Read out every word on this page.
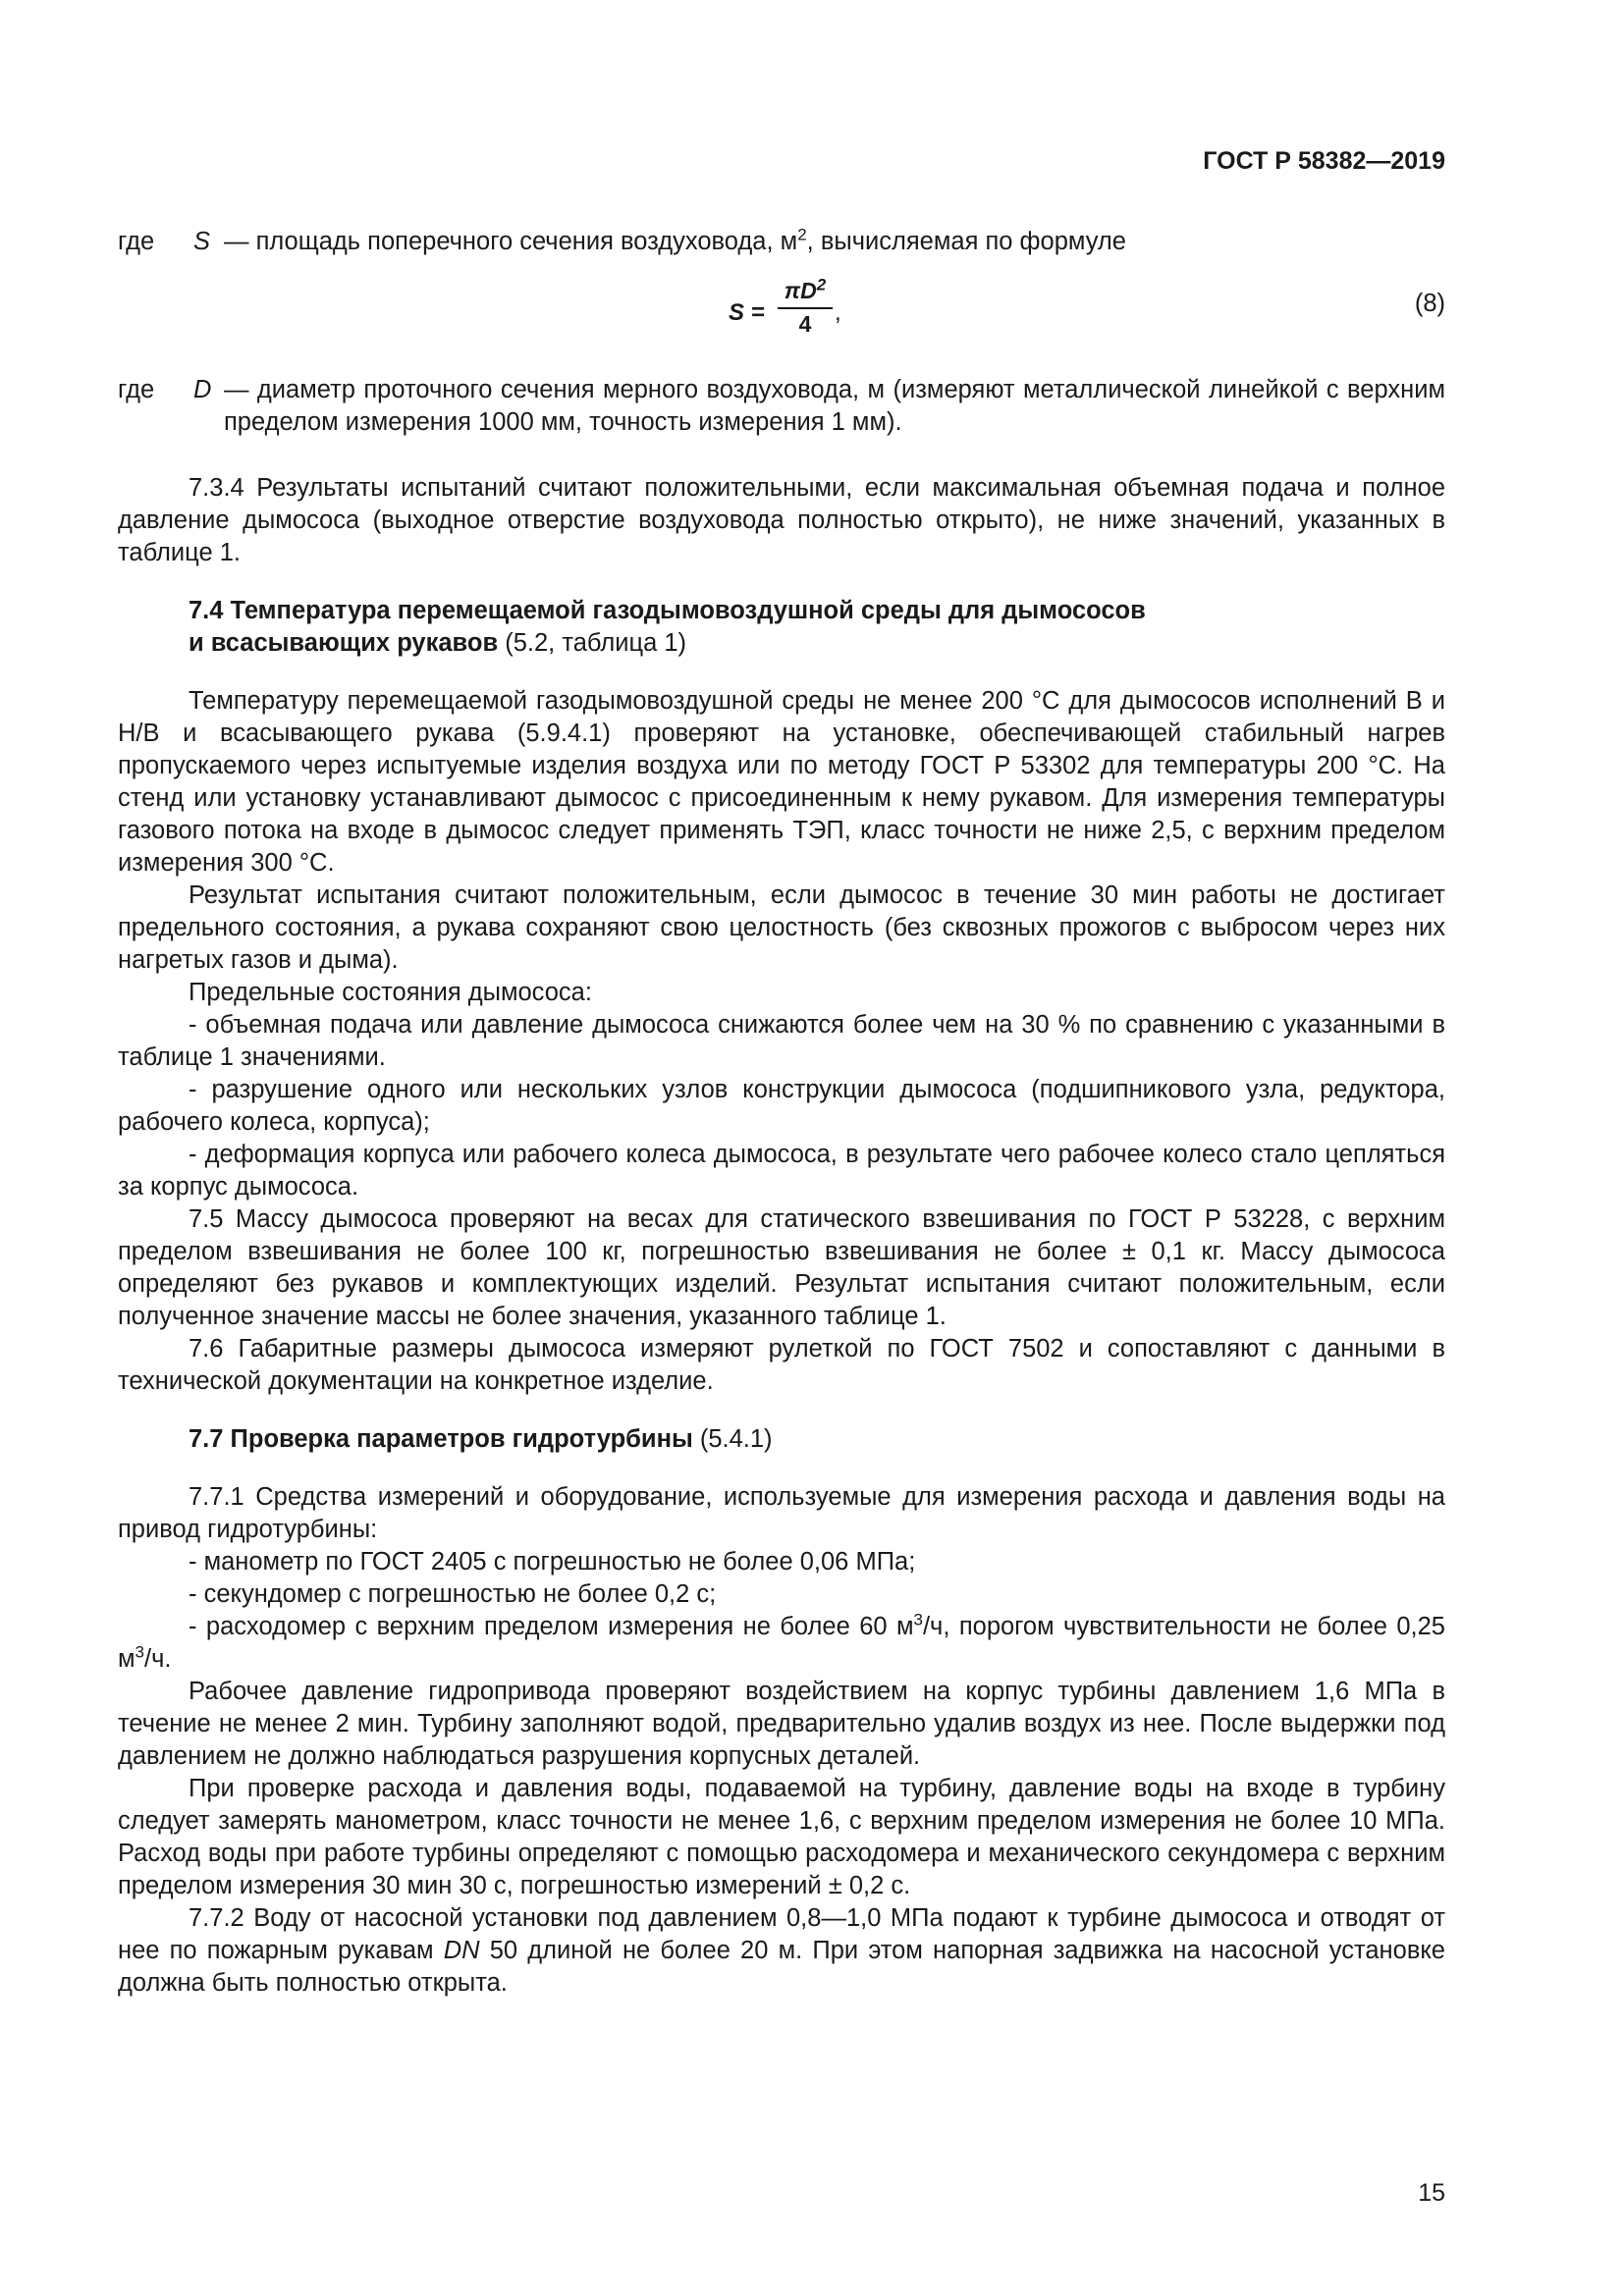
ГОСТ Р 58382—2019
где S — площадь поперечного сечения воздуховода, $м^2$, вычисляемая по формуле
$S = \frac{\pi D^2}{4}$ ,	(8)
где D — диаметр проточного сечения мерного воздуховода, м (измеряют металлической линейкой с верхним пределом измерения 1000 мм, точность измерения 1 мм).

7.3.4 Результаты испытаний считают положительными, если максимальная объемная подача и полное давление дымососа (выходное отверстие воздуховода полностью открыто), не ниже значений, указанных в таблице 1.

7.4 Температура перемещаемой газодымовоздушной среды для дымососов
и всасывающих рукавов (5.2, таблица 1)

Температуру перемещаемой газодымовоздушной среды не менее 200 °С для дымососов исполнений В и Н/В и всасывающего рукава (5.9.4.1) проверяют на установке, обеспечивающей стабильный нагрев пропускаемого через испытуемые изделия воздуха или по методу ГОСТ Р 53302 для температуры 200 °С. На стенд или установку устанавливают дымосос с присоединенным к нему рукавом. Для измерения температуры газового потока на входе в дымосос следует применять ТЭП, класс точности не ниже 2,5, с верхним пределом измерения 300 °С.

Результат испытания считают положительным, если дымосос в течение 30 мин работы не достигает предельного состояния, а рукава сохраняют свою целостность (без сквозных прожогов с выбросом через них нагретых газов и дыма).

Предельные состояния дымососа:

- объемная подача или давление дымососа снижаются более чем на 30 % по сравнению с указанными в таблице 1 значениями.

- разрушение одного или нескольких узлов конструкции дымососа (подшипникового узла, редуктора, рабочего колеса, корпуса);

- деформация корпуса или рабочего колеса дымососа, в результате чего рабочее колесо стало цепляться за корпус дымососа.

7.5 Массу дымососа проверяют на весах для статического взвешивания по ГОСТ Р 53228, с верхним пределом взвешивания не более 100 кг, погрешностью взвешивания не более ± 0,1 кг. Массу дымососа определяют без рукавов и комплектующих изделий. Результат испытания считают положительным, если полученное значение массы не более значения, указанного таблице 1.

7.6 Габаритные размеры дымососа измеряют рулеткой по ГОСТ 7502 и сопоставляют с данными в технической документации на конкретное изделие.

7.7 Проверка параметров гидротурбины (5.4.1)

7.7.1 Средства измерений и оборудование, используемые для измерения расхода и давления воды на привод гидротурбины:

- манометр по ГОСТ 2405 с погрешностью не более 0,06 МПа;

- секундомер с погрешностью не более 0,2 с;

- расходомер с верхним пределом измерения не более 60 $м^3/ч$, порогом чувствительности не более 0,25 $м^3/ч$.

Рабочее давление гидропривода проверяют воздействием на корпус турбины давлением 1,6 МПа в течение не менее 2 мин. Турбину заполняют водой, предварительно удалив воздух из нее. После выдержки под давлением не должно наблюдаться разрушения корпусных деталей.

При проверке расхода и давления воды, подаваемой на турбину, давление воды на входе в турбину следует замерять манометром, класс точности не менее 1,6, с верхним пределом измерения не более 10 МПа. Расход воды при работе турбины определяют с помощью расходомера и механического секундомера с верхним пределом измерения 30 мин 30 с, погрешностью измерений ± 0,2 с.

7.7.2 Воду от насосной установки под давлением 0,8—1,0 МПа подают к турбине дымососа и отводят от нее по пожарным рукавам DN 50 длиной не более 20 м. При этом напорная задвижка на насосной установке должна быть полностью открыта.

15
